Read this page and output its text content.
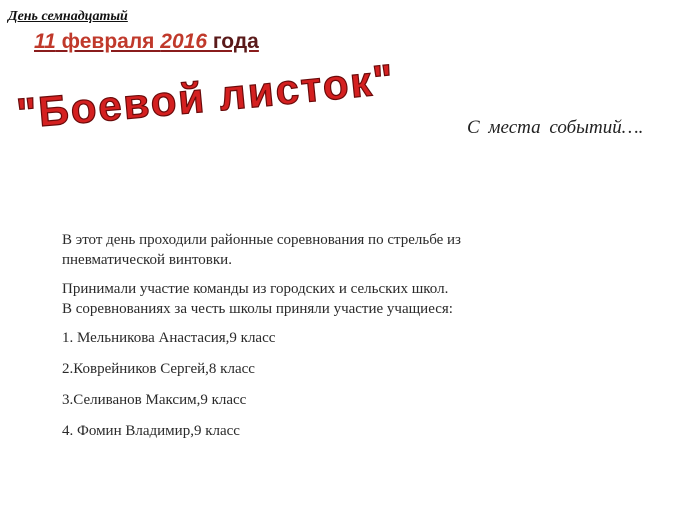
День семнадцатый
11 февраля 2016 года
"Боевой листок"
С места событий….

В этот день проходили районные соревнования по стрельбе из пневматической винтовки.

Принимали участие команды из городских и сельских школ.
В соревнованиях за честь школы приняли участие учащиеся:

1. Мельникова Анастасия,9 класс
2.Коврейников Сергей,8 класс
3.Селиванов Максим,9 класс
4. Фомин Владимир,9 класс
